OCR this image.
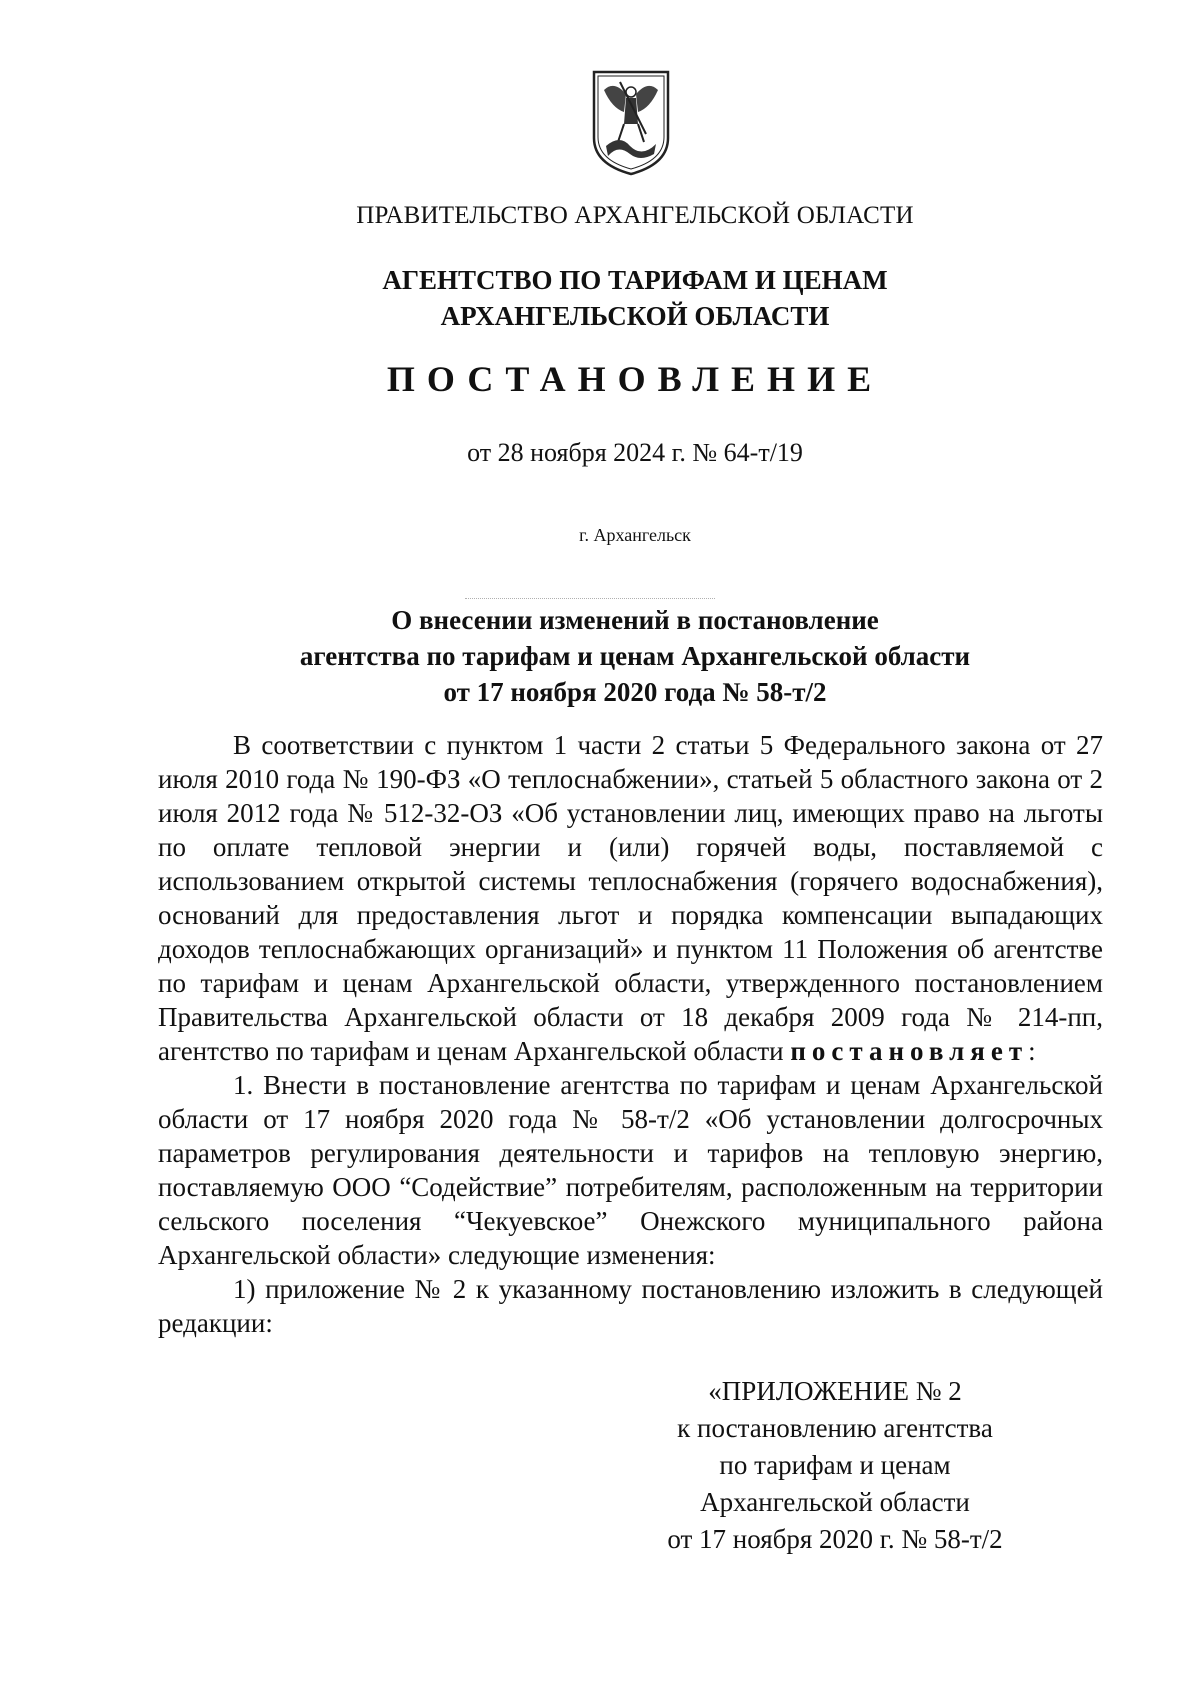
ПРАВИТЕЛЬСТВО АРХАНГЕЛЬСКОЙ ОБЛАСТИ
АГЕНТСТВО ПО ТАРИФАМ И ЦЕНАМ
АРХАНГЕЛЬСКОЙ ОБЛАСТИ
ПОСТАНОВЛЕНИЕ
от 28 ноября 2024 г. № 64-т/19
г. Архангельск
О внесении изменений в постановление
агентства по тарифам и ценам Архангельской области
от 17 ноября 2020 года № 58-т/2

В соответствии с пунктом 1 части 2 статьи 5 Федерального закона от 27 июля 2010 года № 190-ФЗ «О теплоснабжении», статьей 5 областного закона от 2 июля 2012 года № 512-32-ОЗ «Об установлении лиц, имеющих право на льготы по оплате тепловой энергии и (или) горячей воды, поставляемой с использованием открытой системы теплоснабжения (горячего водоснабжения), оснований для предоставления льгот и порядка компенсации выпадающих доходов теплоснабжающих организаций» и пунктом 11 Положения об агентстве по тарифам и ценам Архангельской области, утвержденного постановлением Правительства Архангельской области от 18 декабря 2009 года № 214-пп, агентство по тарифам и ценам Архангельской области постановляет:

1. Внести в постановление агентства по тарифам и ценам Архангельской области от 17 ноября 2020 года № 58-т/2 «Об установлении долгосрочных параметров регулирования деятельности и тарифов на тепловую энергию, поставляемую ООО “Содействие” потребителям, расположенным на территории сельского поселения “Чекуевское” Онежского муниципального района Архангельской области» следующие изменения:

1) приложение № 2 к указанному постановлению изложить в следующей редакции:

«ПРИЛОЖЕНИЕ № 2
к постановлению агентства
по тарифам и ценам
Архангельской области
от 17 ноября 2020 г. № 58-т/2
